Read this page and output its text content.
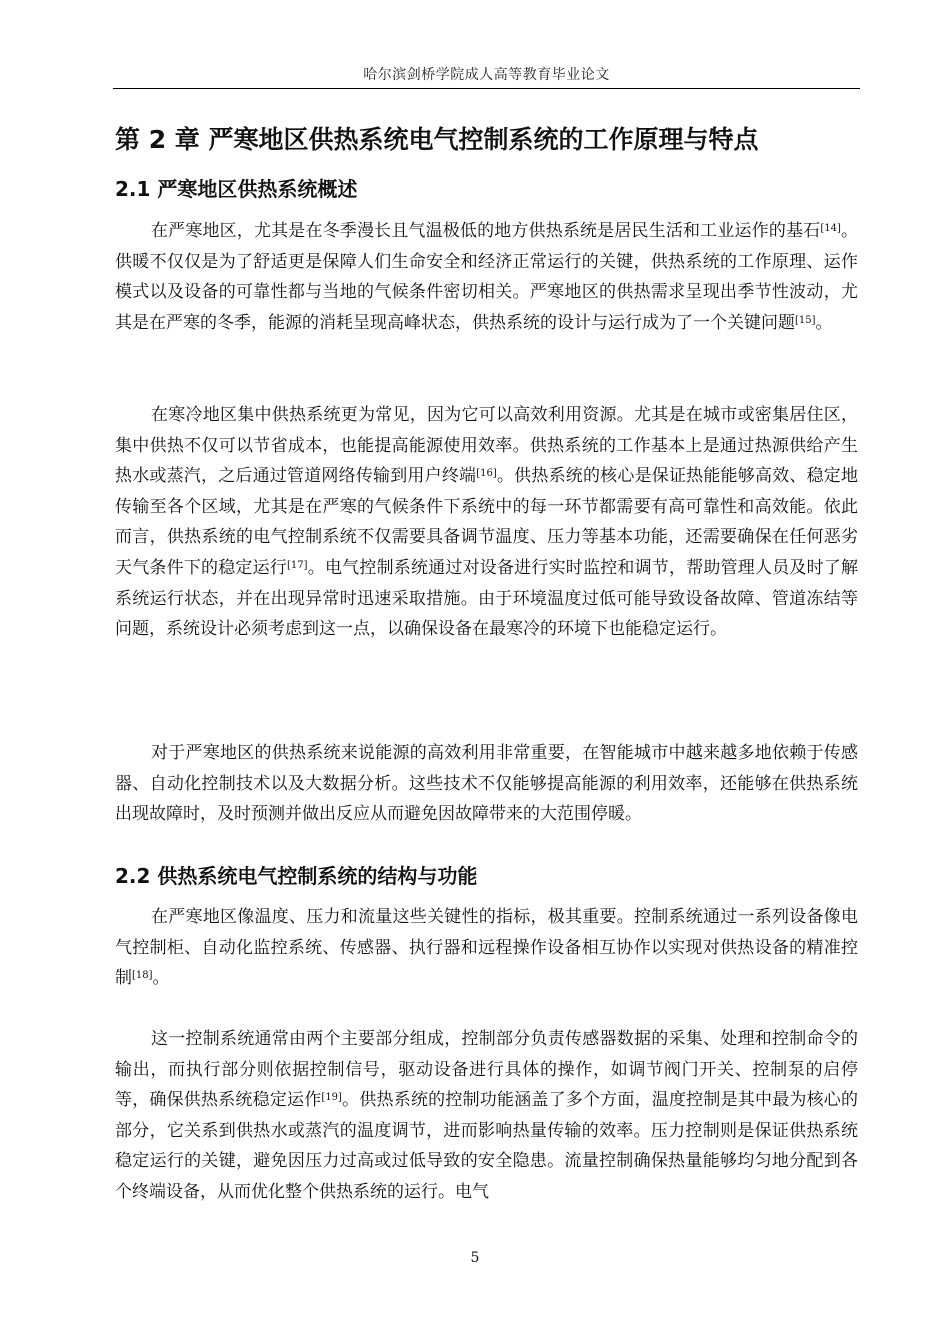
哈尔滨剑桥学院成人高等教育毕业论文
第 2 章 严寒地区供热系统电气控制系统的工作原理与特点
2.1 严寒地区供热系统概述

在严寒地区，尤其是在冬季漫长且气温极低的地方供热系统是居民生活和工业运作的基石[14]。供暖不仅仅是为了舒适更是保障人们生命安全和经济正常运行的关键，供热系统的工作原理、运作模式以及设备的可靠性都与当地的气候条件密切相关。严寒地区的供热需求呈现出季节性波动，尤其是在严寒的冬季，能源的消耗呈现高峰状态，供热系统的设计与运行成为了一个关键问题[15]。

在寒冷地区集中供热系统更为常见，因为它可以高效利用资源。尤其是在城市或密集居住区，集中供热不仅可以节省成本，也能提高能源使用效率。供热系统的工作基本上是通过热源供给产生热水或蒸汽，之后通过管道网络传输到用户终端[16]。供热系统的核心是保证热能能够高效、稳定地传输至各个区域，尤其是在严寒的气候条件下系统中的每一环节都需要有高可靠性和高效能。依此而言，供热系统的电气控制系统不仅需要具备调节温度、压力等基本功能，还需要确保在任何恶劣天气条件下的稳定运行[17]。电气控制系统通过对设备进行实时监控和调节，帮助管理人员及时了解系统运行状态，并在出现异常时迅速采取措施。由于环境温度过低可能导致设备故障、管道冻结等问题，系统设计必须考虑到这一点，以确保设备在最寒冷的环境下也能稳定运行。

对于严寒地区的供热系统来说能源的高效利用非常重要，在智能城市中越来越多地依赖于传感器、自动化控制技术以及大数据分析。这些技术不仅能够提高能源的利用效率，还能够在供热系统出现故障时，及时预测并做出反应从而避免因故障带来的大范围停暖。

2.2 供热系统电气控制系统的结构与功能

在严寒地区像温度、压力和流量这些关键性的指标，极其重要。控制系统通过一系列设备像电气控制柜、自动化监控系统、传感器、执行器和远程操作设备相互协作以实现对供热设备的精准控制[18]。

这一控制系统通常由两个主要部分组成，控制部分负责传感器数据的采集、处理和控制命令的输出，而执行部分则依据控制信号，驱动设备进行具体的操作，如调节阀门开关、控制泵的启停等，确保供热系统稳定运作[19]。供热系统的控制功能涵盖了多个方面，温度控制是其中最为核心的部分，它关系到供热水或蒸汽的温度调节，进而影响热量传输的效率。压力控制则是保证供热系统稳定运行的关键，避免因压力过高或过低导致的安全隐患。流量控制确保热量能够均匀地分配到各个终端设备，从而优化整个供热系统的运行。电气

5
